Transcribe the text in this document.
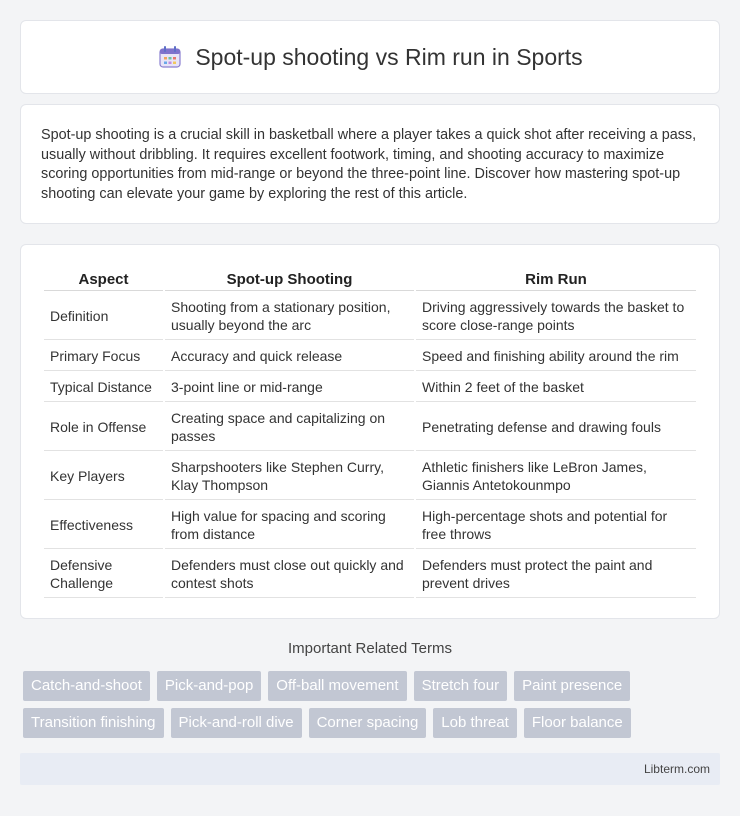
Spot-up shooting vs Rim run in Sports

Spot-up shooting is a crucial skill in basketball where a player takes a quick shot after receiving a pass, usually without dribbling. It requires excellent footwork, timing, and shooting accuracy to maximize scoring opportunities from mid-range or beyond the three-point line. Discover how mastering spot-up shooting can elevate your game by exploring the rest of this article.

Aspect	Spot-up Shooting	Rim Run
Definition	Shooting from a stationary position, usually beyond the arc	Driving aggressively towards the basket to score close-range points
Primary Focus	Accuracy and quick release	Speed and finishing ability around the rim
Typical Distance	3-point line or mid-range	Within 2 feet of the basket
Role in Offense	Creating space and capitalizing on passes	Penetrating defense and drawing fouls
Key Players	Sharpshooters like Stephen Curry, Klay Thompson	Athletic finishers like LeBron James, Giannis Antetokounmpo
Effectiveness	High value for spacing and scoring from distance	High-percentage shots and potential for free throws
Defensive Challenge	Defenders must close out quickly and contest shots	Defenders must protect the paint and prevent drives
Important Related Terms
Catch-and-shoot	Pick-and-pop	Off-ball movement	Stretch four	Paint presence
Transition finishing	Pick-and-roll dive	Corner spacing	Lob threat	Floor balance
Libterm.com
